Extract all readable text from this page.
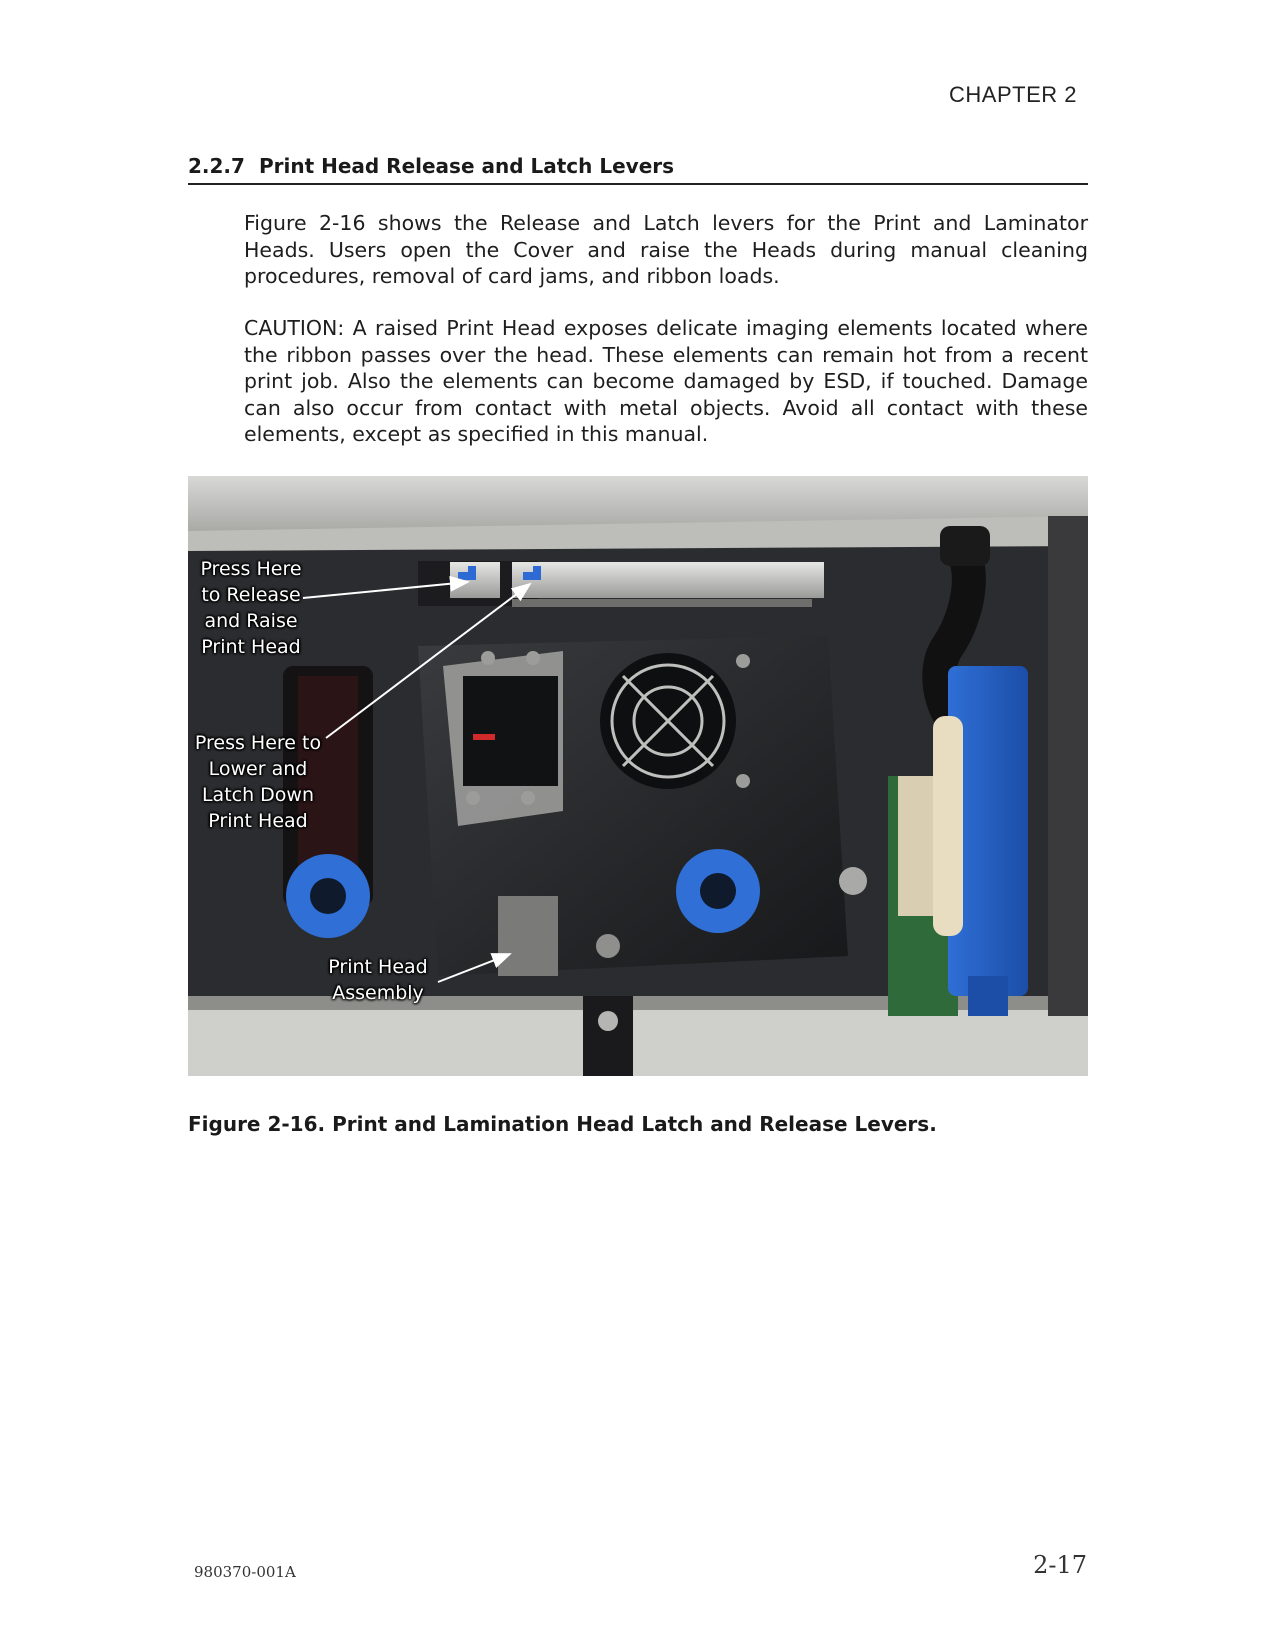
CHAPTER 2
2.2.7 Print Head Release and Latch Levers

Figure 2-16 shows the Release and Latch levers for the Print and Laminator Heads. Users open the Cover and raise the Heads during manual cleaning procedures, removal of card jams, and ribbon loads.

CAUTION: A raised Print Head exposes delicate imaging elements located where the ribbon passes over the head. These elements can remain hot from a recent print job. Also the elements can become damaged by ESD, if touched. Damage can also occur from contact with metal objects. Avoid all contact with these elements, except as specified in this manual.

Press Here
to Release
and Raise
Print Head
Press Here to
Lower and
Latch Down
Print Head
Print Head
Assembly
Figure 2-16. Print and Lamination Head Latch and Release Levers.
980370-001A	2-17
